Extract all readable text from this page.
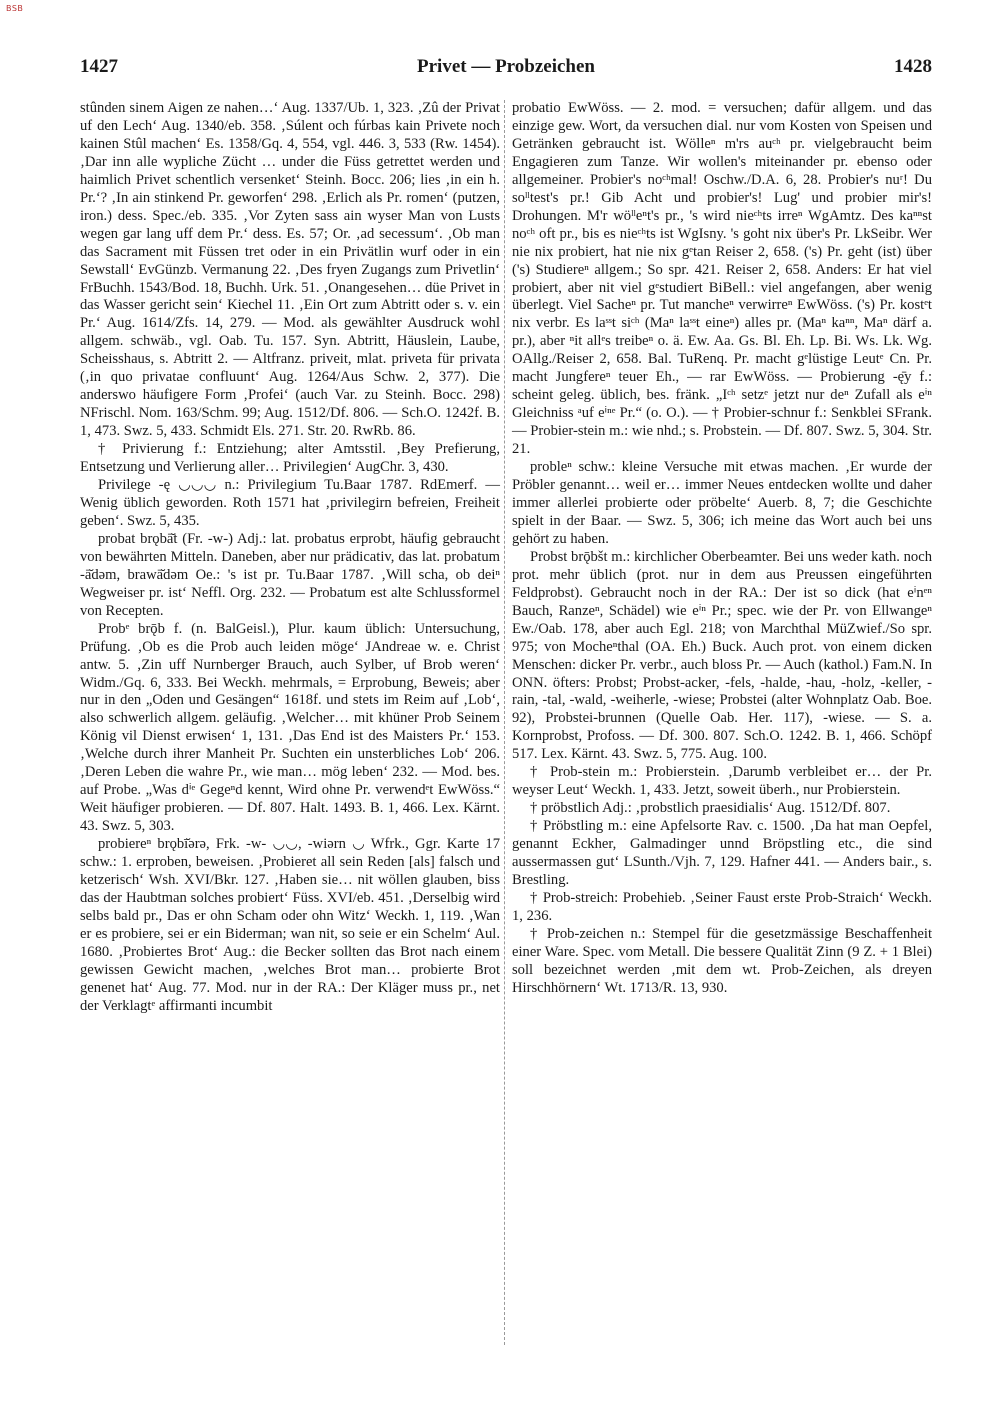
BSB
1427	Privet — Probzeichen	1428

stûnden sinem Aigen ze nahen…‘ Aug. 1337/Ub. 1, 323. ‚Zû der Privat uf den Lech‘ Aug. 1340/eb. 358. ‚Súlent och fúrbas kain Privete noch kainen Stûl machen‘ Es. 1358/Gq. 4, 554, vgl. 446. 3, 533 (Rw. 1454). ‚Dar inn alle wypliche Zücht … under die Füss getrettet werden und haimlich Privet schentlich versenket‘ Steinh. Bocc. 206; lies ‚in ein h. Pr.‘? ‚In ain stinkend Pr. geworfen‘ 298. ‚Erlich als Pr. romen‘ (putzen, iron.) dess. Spec./eb. 335. ‚Vor Zyten sass ain wyser Man von Lusts wegen gar lang uff dem Pr.‘ dess. Es. 57; Or. ‚ad secessum‘. ‚Ob man das Sacrament mit Füssen tret oder in ein Privätlin wurf oder in ein Sewstall‘ EvGünzb. Vermanung 22. ‚Des fryen Zugangs zum Privetlin‘ FrBuchh. 1543/Bod. 18, Buchh. Urk. 51. ‚Onangesehen… düe Privet in das Wasser gericht sein‘ Kiechel 11. ‚Ein Ort zum Abtritt oder s. v. ein Pr.‘ Aug. 1614/Zfs. 14, 279. — Mod. als gewählter Ausdruck wohl allgem. schwäb., vgl. Oab. Tu. 157. Syn. Abtritt, Häuslein, Laube, Scheisshaus, s. Abtritt 2. — Altfranz. priveit, mlat. priveta für privata (‚in quo privatae confluunt‘ Aug. 1264/Aus Schw. 2, 377). Die anderswo häufigere Form ‚Profei‘ (auch Var. zu Steinh. Bocc. 298) NFrischl. Nom. 163/Schm. 99; Aug. 1512/Df. 806. — Sch.O. 1242f. B. 1, 473. Swz. 5, 433. Schmidt Els. 271. Str. 20. RwRb. 86.

† Privierung f.: Entziehung; alter Amtsstil. ‚Bey Prefierung, Entsetzung und Verlierung aller… Privilegien‘ AugChr. 3, 430.

Privilege -ę ◡◡◡ n.: Privilegium Tu.Baar 1787. RdEmerf. — Wenig üblich geworden. Roth 1571 hat ‚privilegirn befreien, Freiheit geben‘. Swz. 5, 435.

probat brǫbā̆t (Fr. -w-) Adj.: lat. probatus erprobt, häufig gebraucht von bewährten Mitteln. Daneben, aber nur prädicativ, das lat. probatum -ā̆dəm, brawā̆dəm Oe.: 's ist pr. Tu.Baar 1787. ‚Will scha, ob deiⁿ Wegweiser pr. ist‘ Neffl. Org. 232. — Probatum est alte Schlussformel von Recepten.

Probᵉ brǭb f. (n. BalGeisl.), Plur. kaum üblich: Untersuchung, Prüfung. ‚Ob es die Prob auch leiden möge‘ JAndreae w. e. Christ antw. 5. ‚Zin uff Nurnberger Brauch, auch Sylber, uf Brob weren‘ Widm./Gq. 6, 333. Bei Weckh. mehrmals, = Erprobung, Beweis; aber nur in den „Oden und Gesängen“ 1618f. und stets im Reim auf ‚Lob‘, also schwerlich allgem. geläufig. ‚Welcher… mit khüner Prob Seinem König vil Dienst erwisen‘ 1, 131. ‚Das End ist des Maisters Pr.‘ 153. ‚Welche durch ihrer Manheit Pr. Suchten ein unsterbliches Lob‘ 206. ‚Deren Leben die wahre Pr., wie man… mög leben‘ 232. — Mod. bes. auf Probe. „Was dⁱᵉ Gegeⁿd kennt, Wird ohne Pr. verwendᵉt EwWöss.“ Weit häufiger probieren. — Df. 807. Halt. 1493. B. 1, 466. Lex. Kärnt. 43. Swz. 5, 303.

probiereⁿ brǫbī̆ərə, Frk. -w- ◡◡, -wiərn ◡ Wfrk., Ggr. Karte 17 schw.: 1. erproben, beweisen. ‚Probieret all sein Reden [als] falsch und ketzerisch‘ Wsh. XVI/Bkr. 127. ‚Haben sie… nit wöllen glauben, biss das der Haubtman solches probiert‘ Füss. XVI/eb. 451. ‚Derselbig wird selbs bald pr., Das er ohn Scham oder ohn Witz‘ Weckh. 1, 119. ‚Wan er es probiere, sei er ein Biderman; wan nit, so seie er ein Schelm‘ Aul. 1680. ‚Probiertes Brot‘ Aug.: die Becker sollten das Brot nach einem gewissen Gewicht machen, ‚welches Brot man… probierte Brot genenet hat‘ Aug. 77. Mod. nur in der RA.: Der Kläger muss pr., net der Verklagtᵉ affirmanti incumbit

probatio EwWöss. — 2. mod. = versuchen; dafür allgem. und das einzige gew. Wort, da versuchen dial. nur vom Kosten von Speisen und Getränken gebraucht ist. Wölleⁿ m'rs auᶜʰ pr. vielgebraucht beim Engagieren zum Tanze. Wir wollen's miteinander pr. ebenso oder allgemeiner. Probier's noᶜʰmal! Oschw./D.A. 6, 28. Probier's nuʳ! Du soˡˡtest's pr.! Gib Acht und probier's! Lug' und probier mir's! Drohungen. M'r wöˡˡeⁿt's pr., 's wird nieᶜʰts irreⁿ WgAmtz. Des kaⁿⁿst noᶜʰ oft pr., bis es nieᶜʰts ist WgIsny. 's goht nix über's Pr. LkSeibr. Wer nie nix probiert, hat nie nix gᵉtan Reiser 2, 658. ('s) Pr. geht (ist) über ('s) Studiereⁿ allgem.; So spr. 421. Reiser 2, 658. Anders: Er hat viel probiert, aber nit viel gᵉstudiert BiBell.: viel angefangen, aber wenig überlegt. Viel Sacheⁿ pr. Tut mancheⁿ verwirreⁿ EwWöss. ('s) Pr. kostᵉt nix verbr. Es laˢˢt siᶜʰ (Maⁿ laˢˢt eineⁿ) alles pr. (Maⁿ kaⁿⁿ, Maⁿ därf a. pr.), aber ⁿit allᵉs treibeⁿ o. ä. Ew. Aa. Gs. Bl. Eh. Lp. Bi. Ws. Lk. Wg. OAllg./Reiser 2, 658. Bal. TuRenq. Pr. macht gᵉlüstige Leutᵉ Cn. Pr. macht Jungfereⁿ teuer Eh., — rar EwWöss. — Probierung -ę̄y f.: scheint geleg. üblich, bes. fränk. „Iᶜʰ setzᵉ jetzt nur deⁿ Zufall als eⁱⁿ Gleichniss ᵃuf eⁱⁿᵉ Pr.“ (o. O.). — † Probier-schnur f.: Senkblei SFrank. — Probier-stein m.: wie nhd.; s. Probstein. — Df. 807. Swz. 5, 304. Str. 21.

probleⁿ schw.: kleine Versuche mit etwas machen. ‚Er wurde der Pröbler genannt… weil er… immer Neues entdecken wollte und daher immer allerlei probierte oder pröbelte‘ Auerb. 8, 7; die Geschichte spielt in der Baar. — Swz. 5, 306; ich meine das Wort auch bei uns gehört zu haben.

Probst brǭbšt m.: kirchlicher Oberbeamter. Bei uns weder kath. noch prot. mehr üblich (prot. nur in dem aus Preussen eingeführten Feldprobst). Gebraucht noch in der RA.: Der ist so dick (hat eⁱnᵉⁿ Bauch, Ranzeⁿ, Schädel) wie eⁱⁿ Pr.; spec. wie der Pr. von Ellwangeⁿ Ew./Oab. 178, aber auch Egl. 218; von Marchthal MüZwief./So spr. 975; von Mocheⁿthal (OA. Eh.) Buck. Auch prot. von einem dicken Menschen: dicker Pr. verbr., auch bloss Pr. — Auch (kathol.) Fam.N. In ONN. öfters: Probst; Probst-acker, -fels, -halde, -hau, -holz, -keller, -rain, -tal, -wald, -weiherle, -wiese; Probstei (alter Wohnplatz Oab. Boe. 92), Probstei-brunnen (Quelle Oab. Her. 117), -wiese. — S. a. Kornprobst, Profoss. — Df. 300. 807. Sch.O. 1242. B. 1, 466. Schöpf 517. Lex. Kärnt. 43. Swz. 5, 775. Aug. 100.

† Prob-stein m.: Probierstein. ‚Darumb verbleibet er… der Pr. weyser Leut‘ Weckh. 1, 433. Jetzt, soweit überh., nur Probierstein.

† pröbstlich Adj.: ‚probstlich praesidialis‘ Aug. 1512/Df. 807.

† Pröbstling m.: eine Apfelsorte Rav. c. 1500. ‚Da hat man Oepfel, genannt Eckher, Galmadinger unnd Bröpstling etc., die sind aussermassen gut‘ LSunth./Vjh. 7, 129. Hafner 441. — Anders bair., s. Brestling.

† Prob-streich: Probehieb. ‚Seiner Faust erste Prob-Straich‘ Weckh. 1, 236.

† Prob-zeichen n.: Stempel für die gesetzmässige Beschaffenheit einer Ware. Spec. vom Metall. Die bessere Qualität Zinn (9 Z. + 1 Blei) soll bezeichnet werden ‚mit dem wt. Prob-Zeichen, als dreyen Hirschhörnern‘ Wt. 1713/R. 13, 930.
